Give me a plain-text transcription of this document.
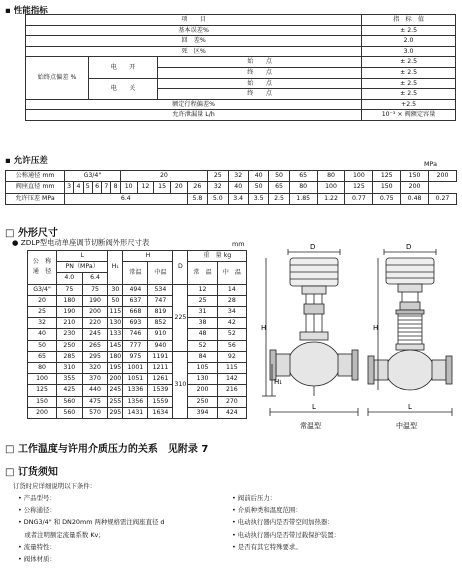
▪ 性能指标
项　　目			指　标　值
基本误差%			± 2.5
回　差%			2.0
死　区%			3.0
始终点偏差 %	电　　开	始　　点	± 2.5
		终　　点	± 2.5
	电　　关	始　　点	± 2.5
		终　　点	± 2.5
额定行程偏差%			+2.5
允许泄漏量 L/h			10⁻³ × 阀额定容量
▪ 允许压差	MPa
公称通径 mm	G3/4"						20					25	32	40	50	65	80	100	125	150	200
阀座直径 mm	3	4	5	6	7	8	10	12	15	20	26	32	40	50	65	80	100	125	150	200	
允许压差 MPa	6.4										5.8	5.0	3.4	3.5	2.5	1.85	1.22	0.77	0.75	0.48	0.27
□ 外形尺寸
● ZDLP型电动单座调节切断阀外形尺寸表	mm
公　称
通　径	L		H₁	H		D	重　量 kg	
	PN（MPa）			常温	中温		常　温	中　温
	4.0	6.4						
G3/4"	75	75	30	494	534	225	12	14
20	180	190	50	637	747		25	28
25	190	200	115	668	819		31	34
32	210	220	130	693	852		38	42
40	230	245	133	746	910		48	52
50	250	265	145	777	940		52	56
65	285	295	180	975	1191	310	84	92
80	310	320	195	1001	1211		105	115
100	355	370	200	1051	1261		130	142
125	425	440	245	1336	1539		200	216
150	560	475	255	1356	1559		250	270
200	560	570	295	1431	1634		394	424
D	D
H	H
H₁
L	L
常温型	中温型
□ 工作温度与许用介质压力的关系　见附录 7
□ 订货须知
订货时应详细说明以下条件：
• 产品型号：
• 公称通径：
• DNG3/4" 和 DN20mm 两种规格需注阀座直径 d
　或者注明额定流量系数 Kv；
• 流量特性：
• 阀体材质：
• 阀前后压力：
• 介质种类和温度范围：
• 电动执行器内是否带空间加热器：
• 电动执行器内是否带过载保护装置：
• 是否有其它特殊要求。
